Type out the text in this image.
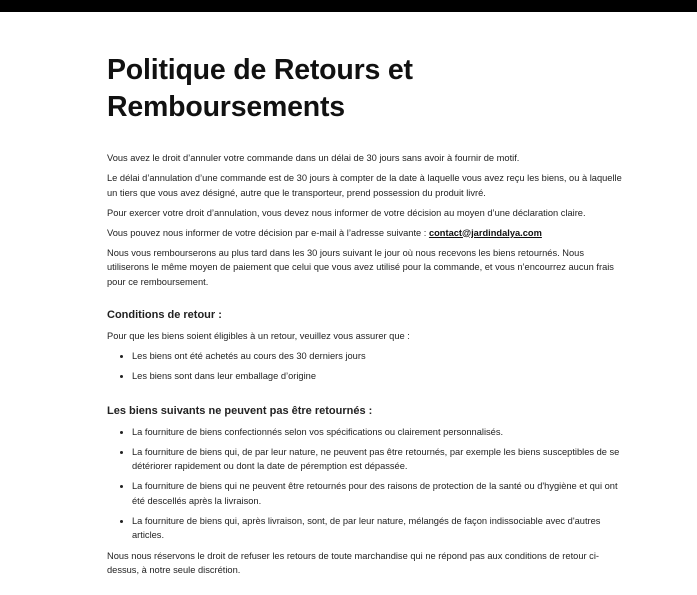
Politique de Retours et Remboursements

Vous avez le droit d’annuler votre commande dans un délai de 30 jours sans avoir à fournir de motif.

Le délai d’annulation d’une commande est de 30 jours à compter de la date à laquelle vous avez reçu les biens, ou à laquelle un tiers que vous avez désigné, autre que le transporteur, prend possession du produit livré.

Pour exercer votre droit d’annulation, vous devez nous informer de votre décision au moyen d’une déclaration claire.

Vous pouvez nous informer de votre décision par e-mail à l’adresse suivante : contact@jardindalya.com

Nous vous rembourserons au plus tard dans les 30 jours suivant le jour où nous recevons les biens retournés. Nous utiliserons le même moyen de paiement que celui que vous avez utilisé pour la commande, et vous n’encourrez aucun frais pour ce remboursement.

Conditions de retour :

Pour que les biens soient éligibles à un retour, veuillez vous assurer que :

• Les biens ont été achetés au cours des 30 derniers jours
• Les biens sont dans leur emballage d’origine
Les biens suivants ne peuvent pas être retournés :
• La fourniture de biens confectionnés selon vos spécifications ou clairement personnalisés.
• La fourniture de biens qui, de par leur nature, ne peuvent pas être retournés, par exemple les biens susceptibles de se détériorer rapidement ou dont la date de péremption est dépassée.
• La fourniture de biens qui ne peuvent être retournés pour des raisons de protection de la santé ou d'hygiène et qui ont été descellés après la livraison.
• La fourniture de biens qui, après livraison, sont, de par leur nature, mélangés de façon indissociable avec d'autres articles.

Nous nous réservons le droit de refuser les retours de toute marchandise qui ne répond pas aux conditions de retour ci-dessus, à notre seule discrétion.
